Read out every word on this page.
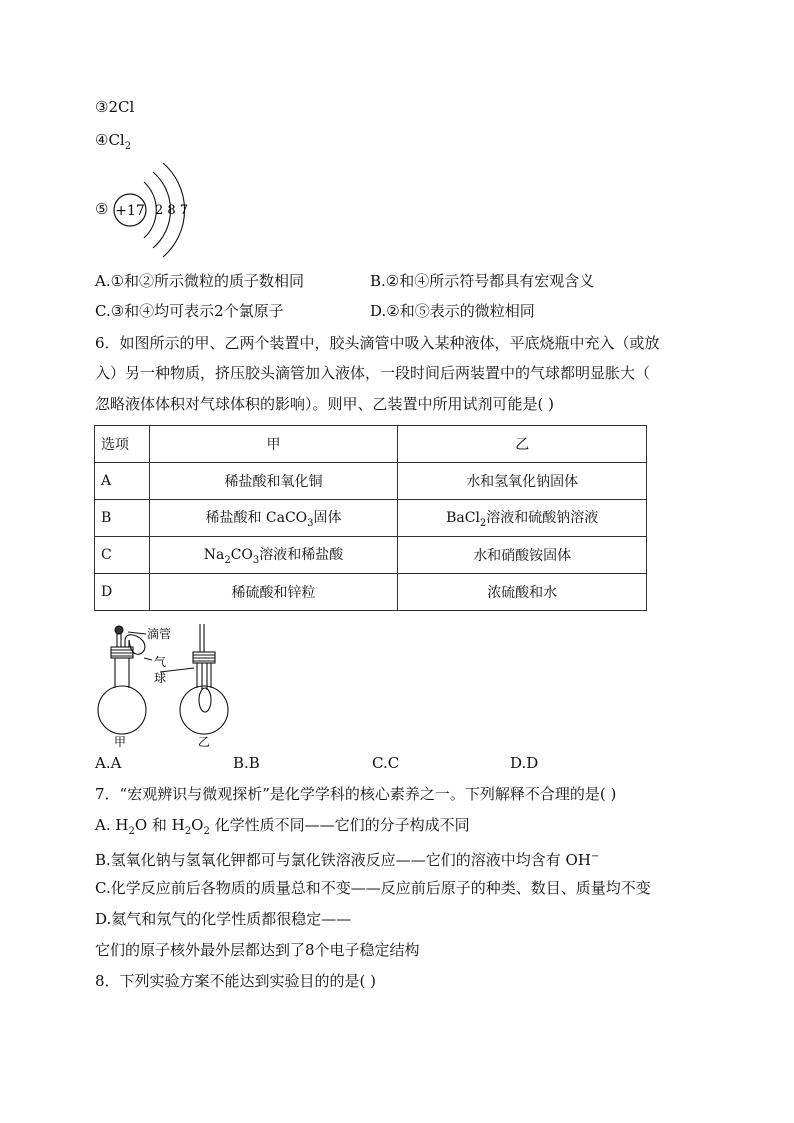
③2Cl
$④Cl_2$
⑤ +17 2 8 7
A.①和②所示微粒的质子数相同	B.②和④所示符号都具有宏观含义
C.③和④均可表示2个氯原子	D.②和⑤表示的微粒相同
6．如图所示的甲、乙两个装置中，胶头滴管中吸入某种液体，平底烧瓶中充入（或放
入）另一种物质，挤压胶头滴管加入液体，一段时间后两装置中的气球都明显胀大（
忽略液体体积对气球体积的影响）。则甲、乙装置中所用试剂可能是( )
选项	甲	乙
A	稀盐酸和氧化铜	水和氢氧化钠固体
B	稀盐酸和 CaCO$_3$固体	BaCl$_2$溶液和硫酸钠溶液
C	$Na_2CO_3$溶液和稀盐酸	水和硝酸铵固体
D	稀硫酸和锌粒	浓硫酸和水
滴管
气
球
甲	乙
A.A	B.B	C.C	D.D
7．“宏观辨识与微观探析”是化学学科的核心素养之一。下列解释不合理的是( )
A. $H_2O$ 和 $H_2O_2$ 化学性质不同——它们的分子构成不同
B.氢氧化钠与氢氧化钾都可与氯化铁溶液反应——它们的溶液中均含有 OH−
C.化学反应前后各物质的质量总和不变——反应前后原子的种类、数目、质量均不变
D.氦气和氖气的化学性质都很稳定——
它们的原子核外最外层都达到了8个电子稳定结构
8．下列实验方案不能达到实验目的的是( )
